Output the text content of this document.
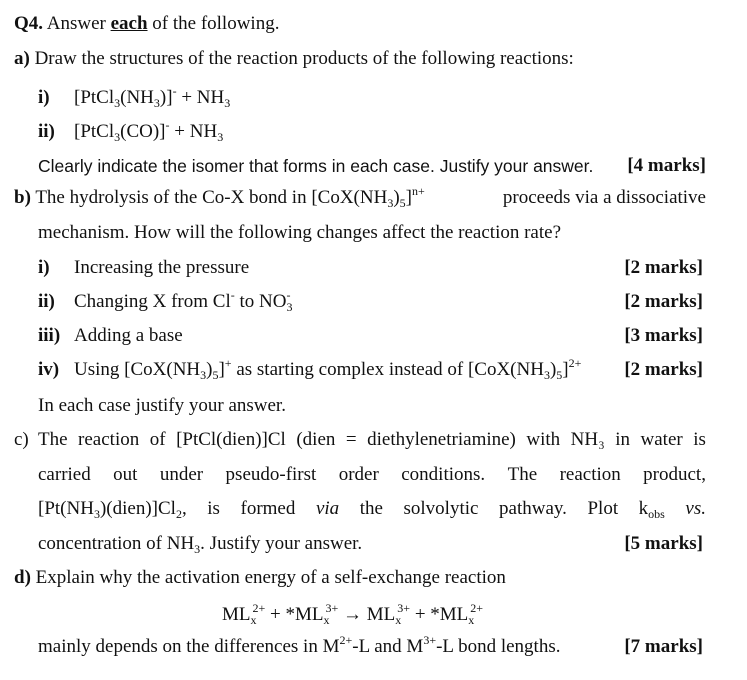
Q4. Answer each of the following.
a) Draw the structures of the reaction products of the following reactions:
i) $[PtCl_3(NH_3)]^- + NH_3$
ii) [PtCl$_3$(CO)]- + $NH_3$
Clearly indicate the isomer that forms in each case. Justify your answer. [4 marks]
b) The hydrolysis of the Co-X bond in $[CoX(NH_3)_5]^{n+}$	proceeds via a dissociative
mechanism. How will the following changes affect the reaction rate?
i) Increasing the pressure	[2 marks]
ii) Changing X from Cl- to $NO_3^-$	[2 marks]
iii) Adding a base	[3 marks]
iv) Using $[CoX(NH_3)_5]^+$ as starting complex instead of $[CoX(NH_3)_5]^{2+}$ [2 marks]
In each case justify your answer.
c) The reaction of [PtCl(dien)]Cl (dien = diethylenetriamine) with NH₃ in water is
carried out under pseudo-first order conditions. The reaction product,
$[Pt(NH_3)(dien)]Cl_2$, is formed via the solvolytic pathway. Plot $k_{obs}$ vs.
concentration of $NH_3$. Justify your answer.	[5 marks]
d) Explain why the activation energy of a self-exchange reaction
$ML_x^{2+} + *ML_x^{3+} \to ML_x^{3+} + *ML_x^{2+}$
mainly depends on the differences in $M^{2+}-L$ and $M^{3+}-L$ bond lengths.	[7 marks]
